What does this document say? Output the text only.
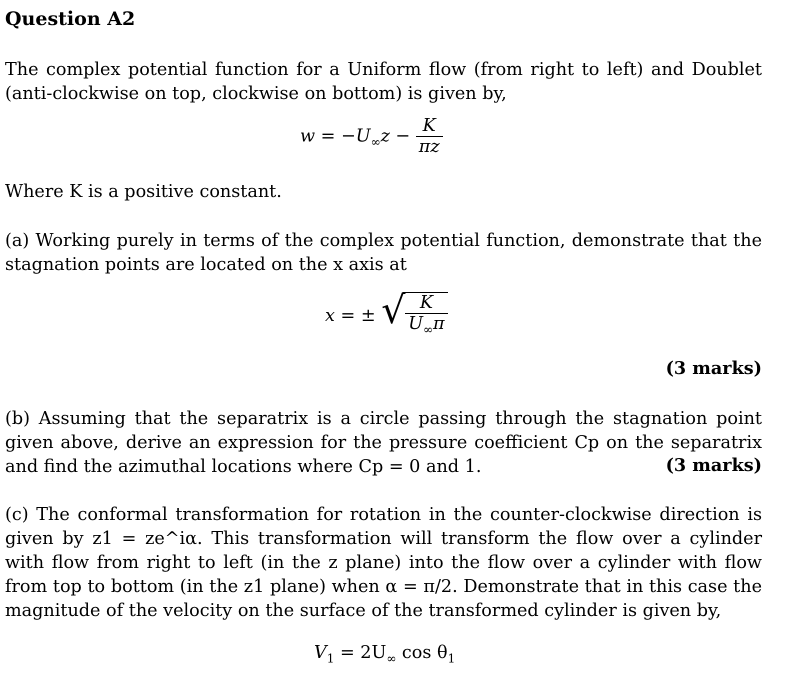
Question A2

The complex potential function for a Uniform flow (from right to left) and Doublet (anti-clockwise on top, clockwise on bottom) is given by,

$w = -U_\infty z - \frac{K}{\pi z}$

Where K is a positive constant.

(a) Working purely in terms of the complex potential function, demonstrate that the stagnation points are located on the x axis at

x = ± √ $\frac{K}{U_\infty\pi}$
(3 marks)

(b) Assuming that the separatrix is a circle passing through the stagnation point given above, derive an expression for the pressure coefficient Cp on the separatrix and find the azimuthal locations where Cp = 0 and 1.	(3 marks)

(c) The conformal transformation for rotation in the counter-clockwise direction is given by z1 = ze^iα. This transformation will transform the flow over a cylinder with flow from right to left (in the z plane) into the flow over a cylinder with flow from top to bottom (in the z1 plane) when α = π/2. Demonstrate that in this case the magnitude of the velocity on the surface of the transformed cylinder is given by,

$V_1 = 2U_\infty$ $\cos \theta_1$
